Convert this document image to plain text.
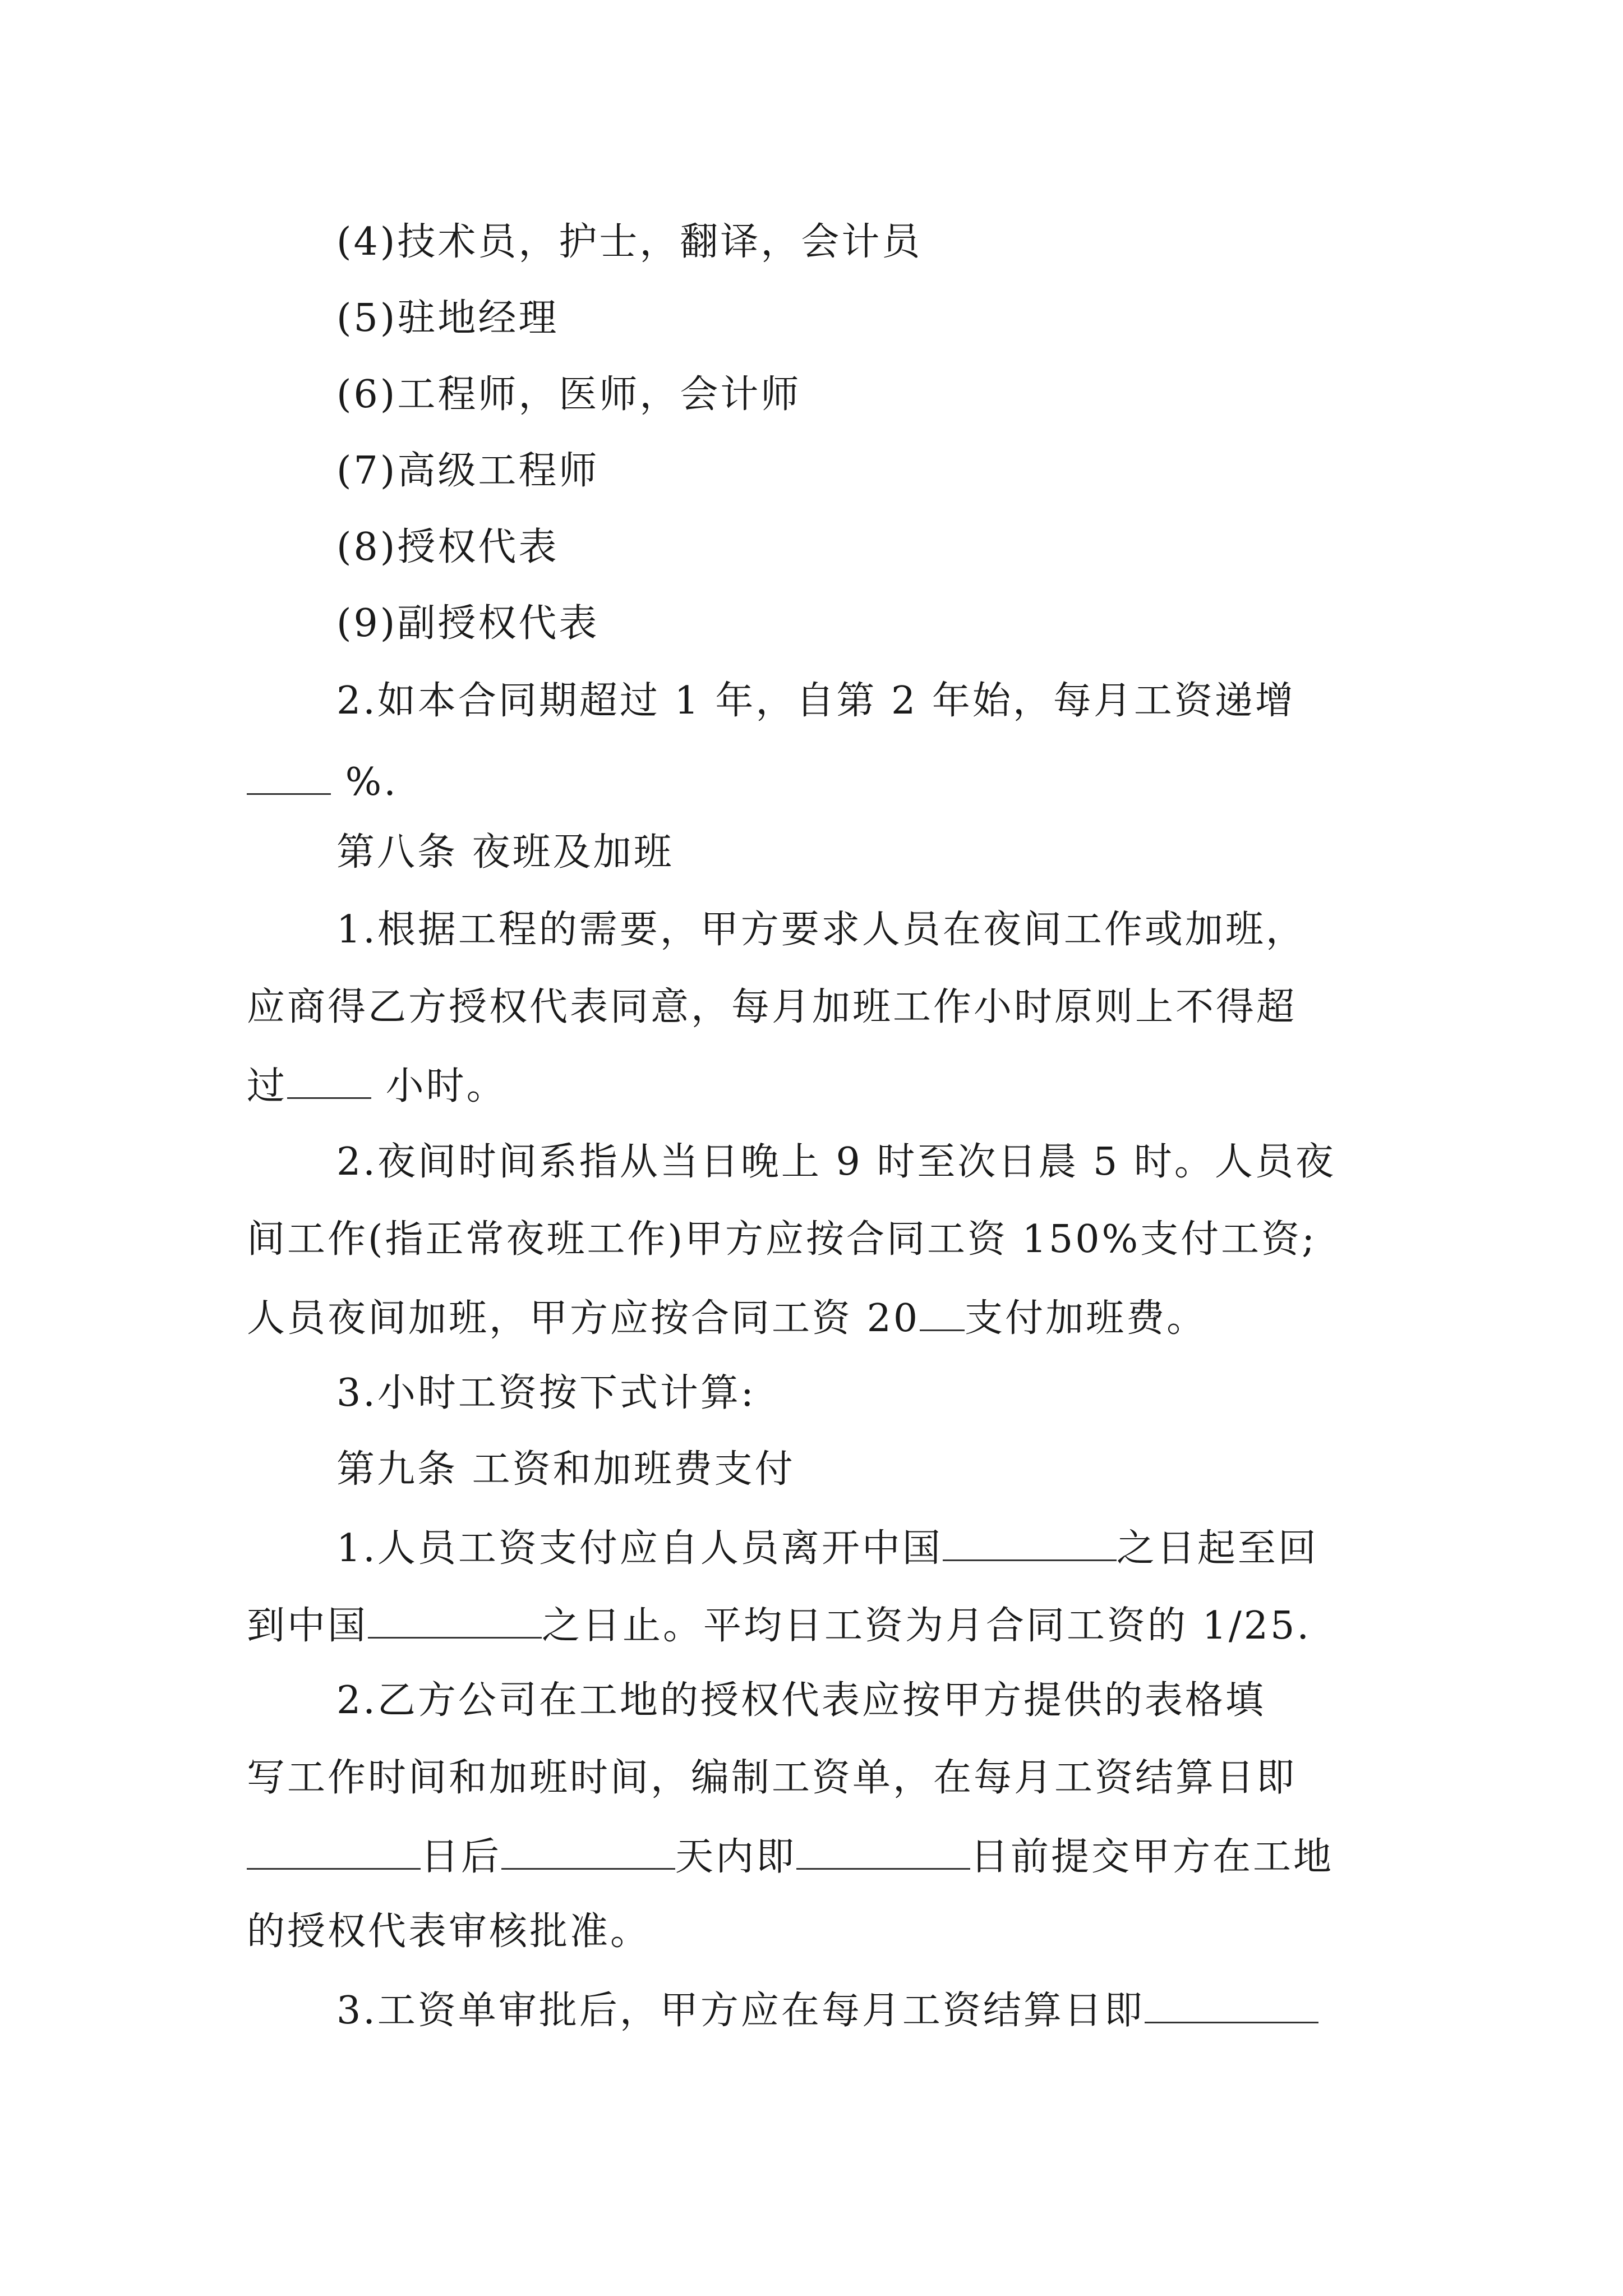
(4)技术员，护士，翻译，会计员
(5)驻地经理
(6)工程师，医师，会计师
(7)高级工程师
(8)授权代表
(9)副授权代表
2.如本合同期超过 1 年，自第 2 年始，每月工资递增
%.
第八条 夜班及加班
1.根据工程的需要，甲方要求人员在夜间工作或加班，
应商得乙方授权代表同意，每月加班工作小时原则上不得超
过 小时。
2.夜间时间系指从当日晚上 9 时至次日晨 5 时。人员夜
间工作(指正常夜班工作)甲方应按合同工资 150%支付工资;
人员夜间加班，甲方应按合同工资 20 支付加班费。
3.小时工资按下式计算:
第九条 工资和加班费支付
1.人员工资支付应自人员离开中国	之日起至回
到中国	之日止。平均日工资为月合同工资的 1/25.
2.乙方公司在工地的授权代表应按甲方提供的表格填
写工作时间和加班时间，编制工资单，在每月工资结算日即
日后	天内即	日前提交甲方在工地
的授权代表审核批准。
3.工资单审批后，甲方应在每月工资结算日即
